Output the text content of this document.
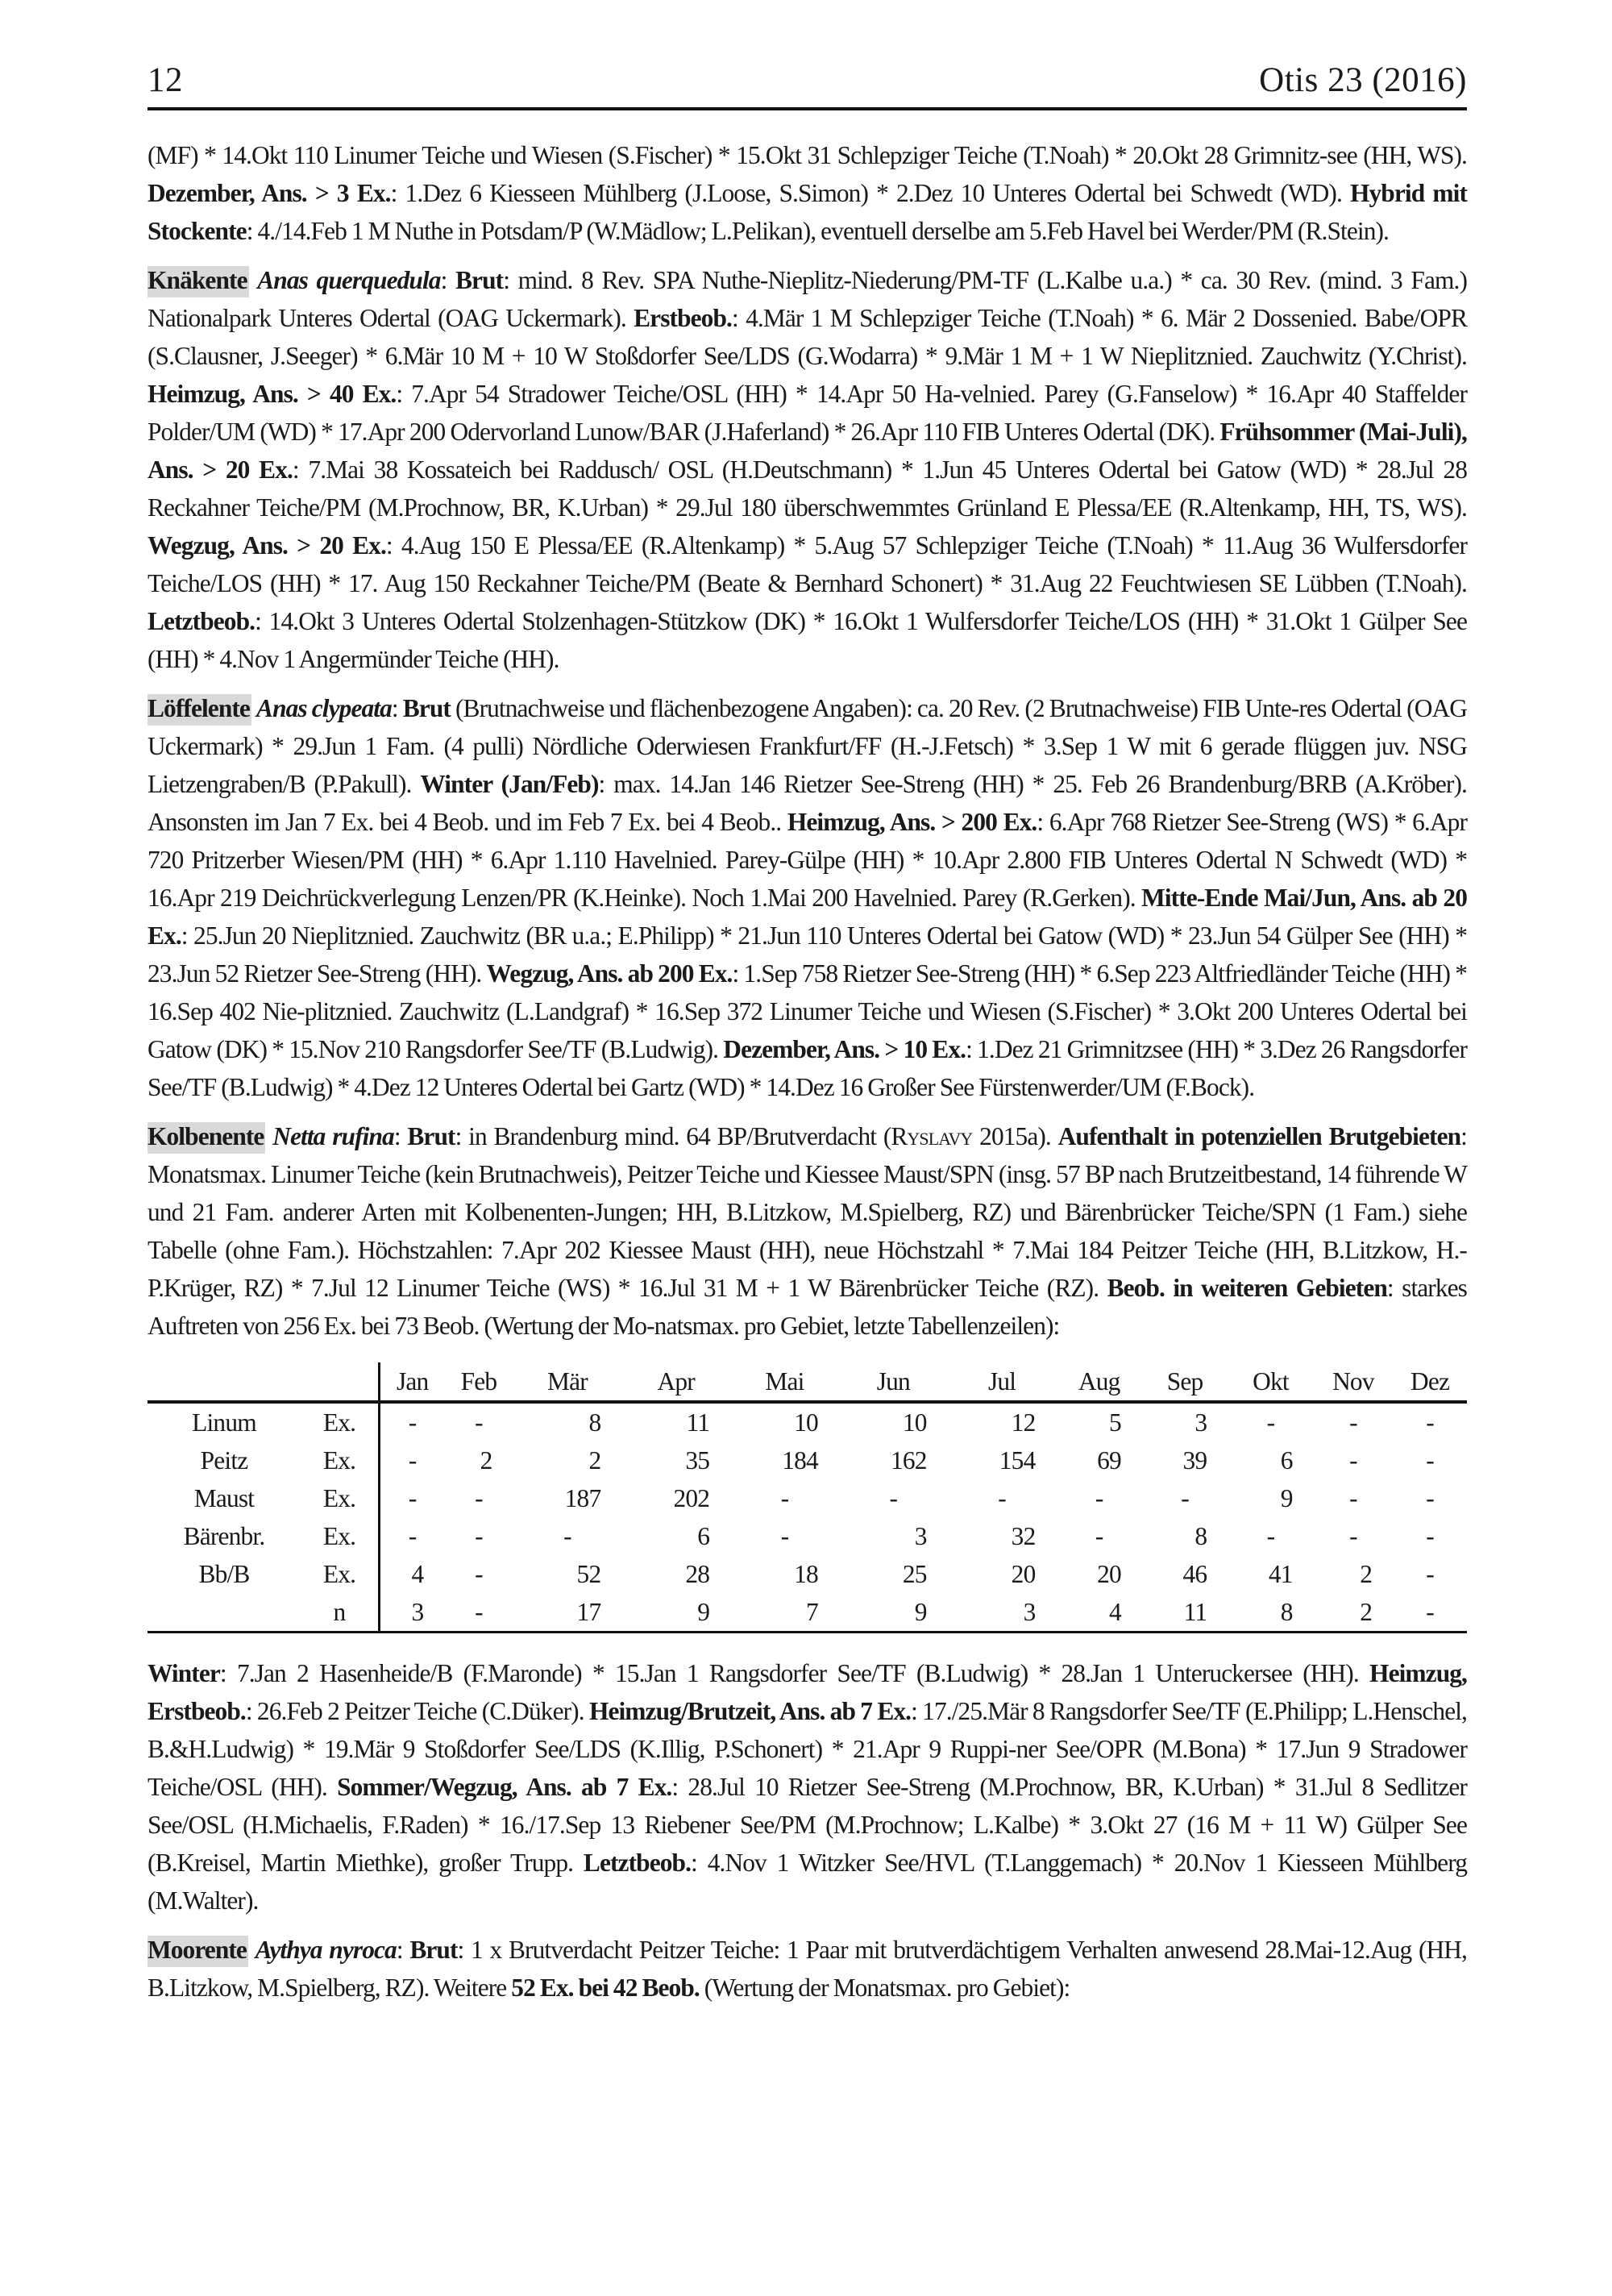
12	Otis 23 (2016)

(MF) * 14.Okt 110 Linumer Teiche und Wiesen (S.Fischer) * 15.Okt 31 Schlepziger Teiche (T.Noah) * 20.Okt 28 Grimnitz-see (HH, WS). Dezember, Ans. > 3 Ex.: 1.Dez 6 Kiesseen Mühlberg (J.Loose, S.Simon) * 2.Dez 10 Unteres Odertal bei Schwedt (WD). Hybrid mit Stockente: 4./14.Feb 1 M Nuthe in Potsdam/P (W.Mädlow; L.Pelikan), eventuell derselbe am 5.Feb Havel bei Werder/PM (R.Stein).

Knäkente Anas querquedula: Brut: mind. 8 Rev. SPA Nuthe-Nieplitz-Niederung/PM-TF (L.Kalbe u.a.) * ca. 30 Rev. (mind. 3 Fam.) Nationalpark Unteres Odertal (OAG Uckermark). Erstbeob.: 4.Mär 1 M Schlepziger Teiche (T.Noah) * 6. Mär 2 Dossenied. Babe/OPR (S.Clausner, J.Seeger) * 6.Mär 10 M + 10 W Stoßdorfer See/LDS (G.Wodarra) * 9.Mär 1 M + 1 W Nieplitznied. Zauchwitz (Y.Christ). Heimzug, Ans. > 40 Ex.: 7.Apr 54 Stradower Teiche/OSL (HH) * 14.Apr 50 Ha-velnied. Parey (G.Fanselow) * 16.Apr 40 Staffelder Polder/UM (WD) * 17.Apr 200 Odervorland Lunow/BAR (J.Haferland) * 26.Apr 110 FIB Unteres Odertal (DK). Frühsommer (Mai-Juli), Ans. > 20 Ex.: 7.Mai 38 Kossateich bei Raddusch/ OSL (H.Deutschmann) * 1.Jun 45 Unteres Odertal bei Gatow (WD) * 28.Jul 28 Reckahner Teiche/PM (M.Prochnow, BR, K.Urban) * 29.Jul 180 überschwemmtes Grünland E Plessa/EE (R.Altenkamp, HH, TS, WS). Wegzug, Ans. > 20 Ex.: 4.Aug 150 E Plessa/EE (R.Altenkamp) * 5.Aug 57 Schlepziger Teiche (T.Noah) * 11.Aug 36 Wulfersdorfer Teiche/LOS (HH) * 17. Aug 150 Reckahner Teiche/PM (Beate & Bernhard Schonert) * 31.Aug 22 Feuchtwiesen SE Lübben (T.Noah). Letztbeob.: 14.Okt 3 Unteres Odertal Stolzenhagen-Stützkow (DK) * 16.Okt 1 Wulfersdorfer Teiche/LOS (HH) * 31.Okt 1 Gülper See (HH) * 4.Nov 1 Angermünder Teiche (HH).

Löffelente Anas clypeata: Brut (Brutnachweise und flächenbezogene Angaben): ca. 20 Rev. (2 Brutnachweise) FIB Unte-res Odertal (OAG Uckermark) * 29.Jun 1 Fam. (4 pulli) Nördliche Oderwiesen Frankfurt/FF (H.-J.Fetsch) * 3.Sep 1 W mit 6 gerade flüggen juv. NSG Lietzengraben/B (P.Pakull). Winter (Jan/Feb): max. 14.Jan 146 Rietzer See-Streng (HH) * 25. Feb 26 Brandenburg/BRB (A.Kröber). Ansonsten im Jan 7 Ex. bei 4 Beob. und im Feb 7 Ex. bei 4 Beob.. Heimzug, Ans. > 200 Ex.: 6.Apr 768 Rietzer See-Streng (WS) * 6.Apr 720 Pritzerber Wiesen/PM (HH) * 6.Apr 1.110 Havelnied. Parey-Gülpe (HH) * 10.Apr 2.800 FIB Unteres Odertal N Schwedt (WD) * 16.Apr 219 Deichrückverlegung Lenzen/PR (K.Heinke). Noch 1.Mai 200 Havelnied. Parey (R.Gerken). Mitte-Ende Mai/Jun, Ans. ab 20 Ex.: 25.Jun 20 Nieplitznied. Zauchwitz (BR u.a.; E.Philipp) * 21.Jun 110 Unteres Odertal bei Gatow (WD) * 23.Jun 54 Gülper See (HH) * 23.Jun 52 Rietzer See-Streng (HH). Wegzug, Ans. ab 200 Ex.: 1.Sep 758 Rietzer See-Streng (HH) * 6.Sep 223 Altfriedländer Teiche (HH) * 16.Sep 402 Nie-plitznied. Zauchwitz (L.Landgraf) * 16.Sep 372 Linumer Teiche und Wiesen (S.Fischer) * 3.Okt 200 Unteres Odertal bei Gatow (DK) * 15.Nov 210 Rangsdorfer See/TF (B.Ludwig). Dezember, Ans. > 10 Ex.: 1.Dez 21 Grimnitzsee (HH) * 3.Dez 26 Rangsdorfer See/TF (B.Ludwig) * 4.Dez 12 Unteres Odertal bei Gartz (WD) * 14.Dez 16 Großer See Fürstenwerder/UM (F.Bock).

Kolbenente Netta rufina: Brut: in Brandenburg mind. 64 BP/Brutverdacht (Ryslavy 2015a). Aufenthalt in potenziellen Brutgebieten: Monatsmax. Linumer Teiche (kein Brutnachweis), Peitzer Teiche und Kiessee Maust/SPN (insg. 57 BP nach Brutzeitbestand, 14 führende W und 21 Fam. anderer Arten mit Kolbenenten-Jungen; HH, B.Litzkow, M.Spielberg, RZ) und Bärenbrücker Teiche/SPN (1 Fam.) siehe Tabelle (ohne Fam.). Höchstzahlen: 7.Apr 202 Kiessee Maust (HH), neue Höchstzahl * 7.Mai 184 Peitzer Teiche (HH, B.Litzkow, H.-P.Krüger, RZ) * 7.Jul 12 Linumer Teiche (WS) * 16.Jul 31 M + 1 W Bärenbrücker Teiche (RZ). Beob. in weiteren Gebieten: starkes Auftreten von 256 Ex. bei 73 Beob. (Wertung der Mo-natsmax. pro Gebiet, letzte Tabellenzeilen):

		Jan	Feb	Mär	Apr	Mai	Jun	Jul	Aug	Sep	Okt	Nov	Dez
Linum	Ex.	-	-	8	11	10	10	12	5	3	-	-	-
Peitz	Ex.	-	2	2	35	184	162	154	69	39	6	-	-
Maust	Ex.	-	-	187	202	-	-	-	-	-	9	-	-
Bärenbr.	Ex.	-	-	-	6	-	3	32	-	8	-	-	-
Bb/B	Ex.	4	-	52	28	18	25	20	20	46	41	2	-
	n	3	-	17	9	7	9	3	4	11	8	2	-

Winter: 7.Jan 2 Hasenheide/B (F.Maronde) * 15.Jan 1 Rangsdorfer See/TF (B.Ludwig) * 28.Jan 1 Unteruckersee (HH). Heimzug, Erstbeob.: 26.Feb 2 Peitzer Teiche (C.Düker). Heimzug/Brutzeit, Ans. ab 7 Ex.: 17./25.Mär 8 Rangsdorfer See/TF (E.Philipp; L.Henschel, B.&H.Ludwig) * 19.Mär 9 Stoßdorfer See/LDS (K.Illig, P.Schonert) * 21.Apr 9 Ruppi-ner See/OPR (M.Bona) * 17.Jun 9 Stradower Teiche/OSL (HH). Sommer/Wegzug, Ans. ab 7 Ex.: 28.Jul 10 Rietzer See-Streng (M.Prochnow, BR, K.Urban) * 31.Jul 8 Sedlitzer See/OSL (H.Michaelis, F.Raden) * 16./17.Sep 13 Riebener See/PM (M.Prochnow; L.Kalbe) * 3.Okt 27 (16 M + 11 W) Gülper See (B.Kreisel, Martin Miethke), großer Trupp. Letztbeob.: 4.Nov 1 Witzker See/HVL (T.Langgemach) * 20.Nov 1 Kiesseen Mühlberg (M.Walter).

Moorente Aythya nyroca: Brut: 1 x Brutverdacht Peitzer Teiche: 1 Paar mit brutverdächtigem Verhalten anwesend 28.Mai-12.Aug (HH, B.Litzkow, M.Spielberg, RZ). Weitere 52 Ex. bei 42 Beob. (Wertung der Monatsmax. pro Gebiet):
